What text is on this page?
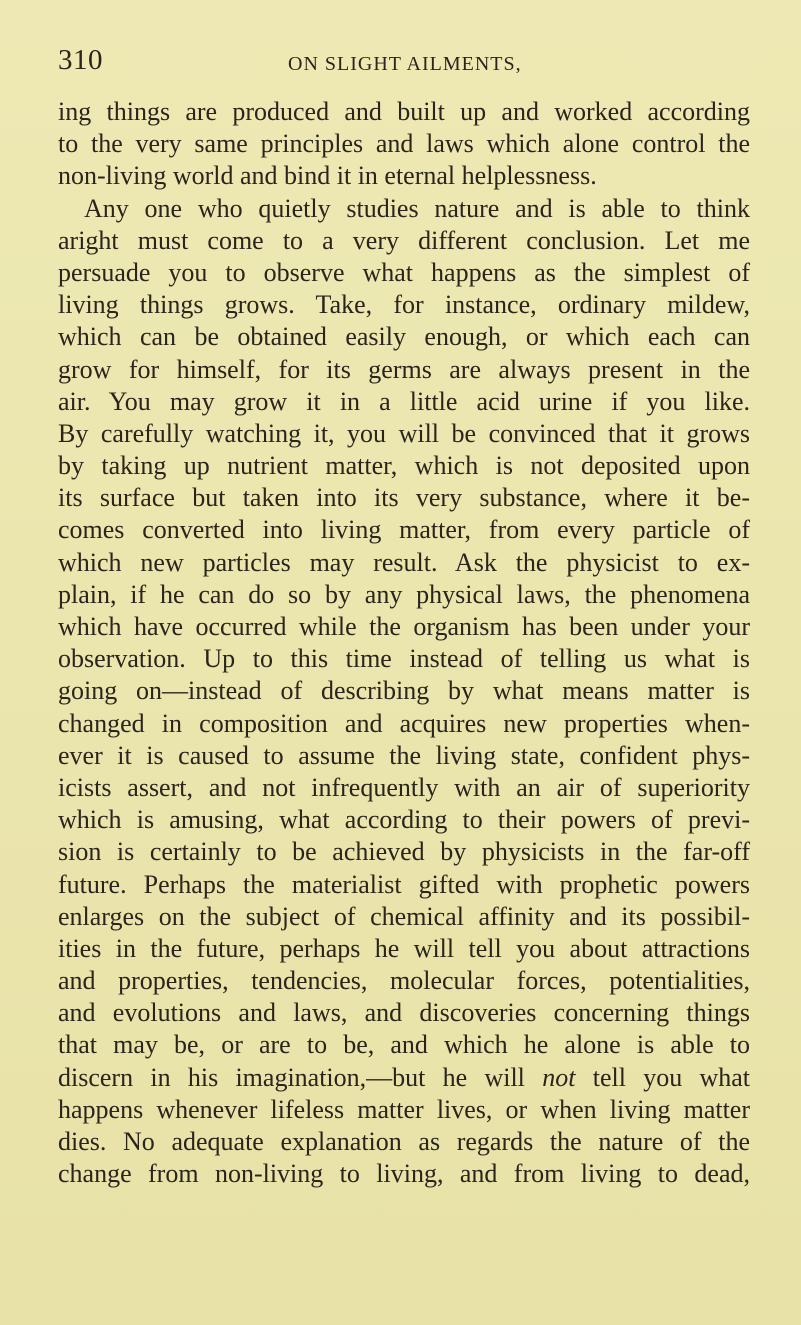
310	ON SLIGHT AILMENTS,
ing things are produced and built up and worked according
to the very same principles and laws which alone control the
non-living world and bind it in eternal helplessness.
Any one who quietly studies nature and is able to think
aright must come to a very different conclusion. Let me
persuade you to observe what happens as the simplest of
living things grows. Take, for instance, ordinary mildew,
which can be obtained easily enough, or which each can
grow for himself, for its germs are always present in the
air. You may grow it in a little acid urine if you like.
By carefully watching it, you will be convinced that it grows
by taking up nutrient matter, which is not deposited upon
its surface but taken into its very substance, where it be-
comes converted into living matter, from every particle of
which new particles may result. Ask the physicist to ex-
plain, if he can do so by any physical laws, the phenomena
which have occurred while the organism has been under your
observation. Up to this time instead of telling us what is
going on—instead of describing by what means matter is
changed in composition and acquires new properties when-
ever it is caused to assume the living state, confident phys-
icists assert, and not infrequently with an air of superiority
which is amusing, what according to their powers of previ-
sion is certainly to be achieved by physicists in the far-off
future. Perhaps the materialist gifted with prophetic powers
enlarges on the subject of chemical affinity and its possibil-
ities in the future, perhaps he will tell you about attractions
and properties, tendencies, molecular forces, potentialities,
and evolutions and laws, and discoveries concerning things
that may be, or are to be, and which he alone is able to
discern in his imagination,—but he will not tell you what
happens whenever lifeless matter lives, or when living matter
dies. No adequate explanation as regards the nature of the
change from non-living to living, and from living to dead,
